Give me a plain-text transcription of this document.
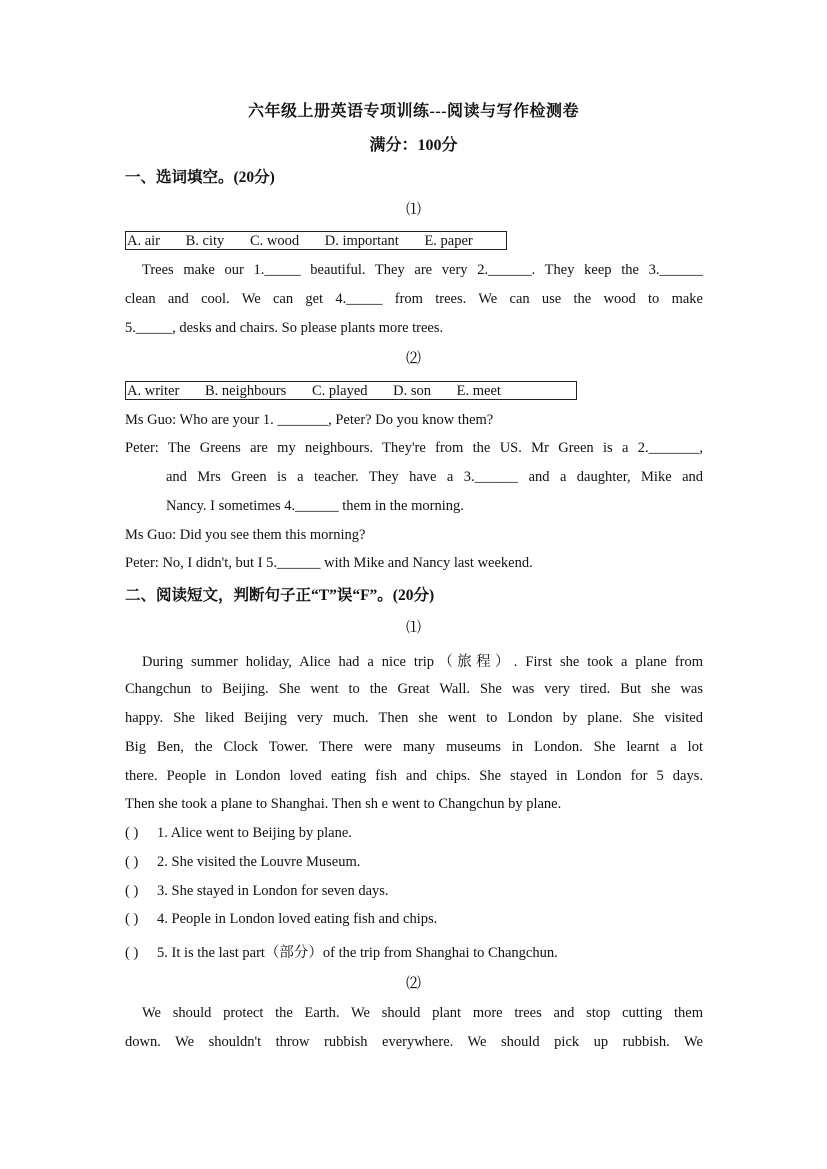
六年级上册英语专项训练---阅读与写作检测卷
满分：100分
一、选词填空。(20分)
⑴
A. air B. city C. wood D. important E. paper
Trees make our 1._____ beautiful. They are very 2.______. They keep the 3.______
clean and cool. We can get 4._____ from trees. We can use the wood to make
5._____, desks and chairs. So please plants more trees.
⑵
A. writer B. neighbours C. played D. son E. meet
Ms Guo: Who are your 1. _______, Peter? Do you know them?
Peter: The Greens are my neighbours. They're from the US. Mr Green is a 2._______,
and Mrs Green is a teacher. They have a 3.______ and a daughter, Mike and
Nancy. I sometimes 4.______ them in the morning.
Ms Guo: Did you see them this morning?
Peter: No, I didn't, but I 5.______ with Mike and Nancy last weekend.
二、阅读短文，判断句子正“T”误“F”。(20分)
⑴
During summer holiday, Alice had a nice trip（旅程）. First she took a plane from
Changchun to Beijing. She went to the Great Wall. She was very tired. But she was
happy. She liked Beijing very much. Then she went to London by plane. She visited
Big Ben, the Clock Tower. There were many museums in London. She learnt a lot
there. People in London loved eating fish and chips. She stayed in London for 5 days.
Then she took a plane to Shanghai. Then sh e went to Changchun by plane.
( ) 1. Alice went to Beijing by plane.
( ) 2. She visited the Louvre Museum.
( ) 3. She stayed in London for seven days.
( ) 4. People in London loved eating fish and chips.
( ) 5. It is the last part（部分）of the trip from Shanghai to Changchun.
⑵
We should protect the Earth. We should plant more trees and stop cutting them
down. We shouldn't throw rubbish everywhere. We should pick up rubbish. We
